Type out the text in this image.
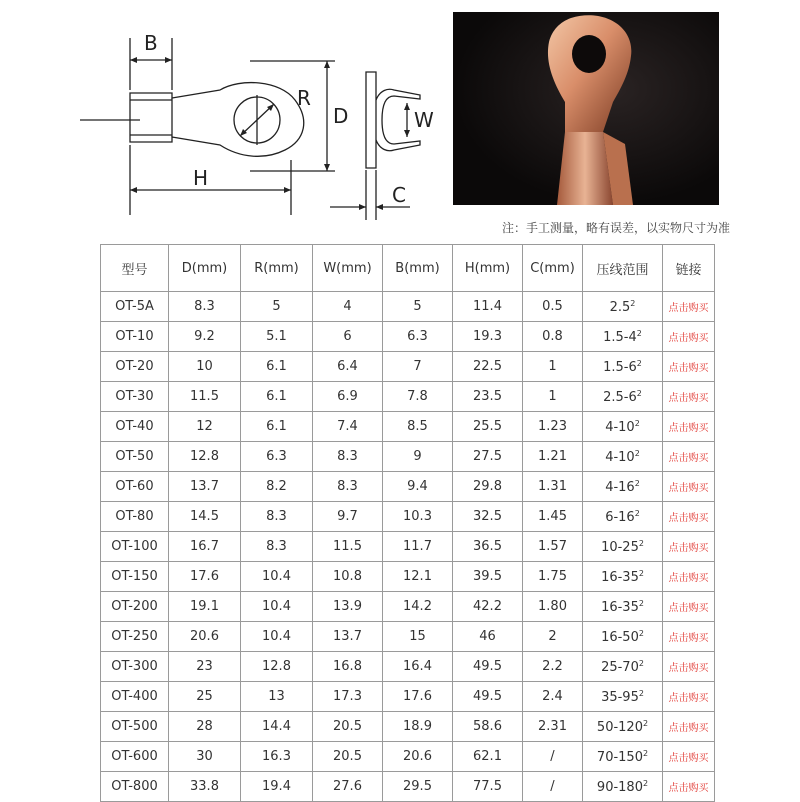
B
R
D	W
H
C
注：手工测量，略有误差，以实物尺寸为准
型号	D(mm)	R(mm)	W(mm)	B(mm)	H(mm)	C(mm)	压线范围	链接
OT-5A	8.3	5	4	5	11.4	0.5	$2.5^2$	点击购买
OT-10	9.2	5.1	6	6.3	19.3	0.8	$1.5-4^2$	点击购买
OT-20	10	6.1	6.4	7	22.5	1	$1.5-6^2$	点击购买
OT-30	11.5	6.1	6.9	7.8	23.5	1	$2.5-6^2$	点击购买
OT-40	12	6.1	7.4	8.5	25.5	1.23	$4-10^2$	点击购买
OT-50	12.8	6.3	8.3	9	27.5	1.21	$4-10^2$	点击购买
OT-60	13.7	8.2	8.3	9.4	29.8	1.31	$4-16^2$	点击购买
OT-80	14.5	8.3	9.7	10.3	32.5	1.45	$6-16^2$	点击购买
OT-100	16.7	8.3	11.5	11.7	36.5	1.57	$10-25^2$	点击购买
OT-150	17.6	10.4	10.8	12.1	39.5	1.75	$16-35^2$	点击购买
OT-200	19.1	10.4	13.9	14.2	42.2	1.80	$16-35^2$	点击购买
OT-250	20.6	10.4	13.7	15	46	2	$16-50^2$	点击购买
OT-300	23	12.8	16.8	16.4	49.5	2.2	$25-70^2$	点击购买
OT-400	25	13	17.3	17.6	49.5	2.4	$35-95^2$	点击购买
OT-500	28	14.4	20.5	18.9	58.6	2.31	$50-120^2$	点击购买
OT-600	30	16.3	20.5	20.6	62.1	/	$70-150^2$	点击购买
OT-800	33.8	19.4	27.6	29.5	77.5	/	$90-180^2$	点击购买
